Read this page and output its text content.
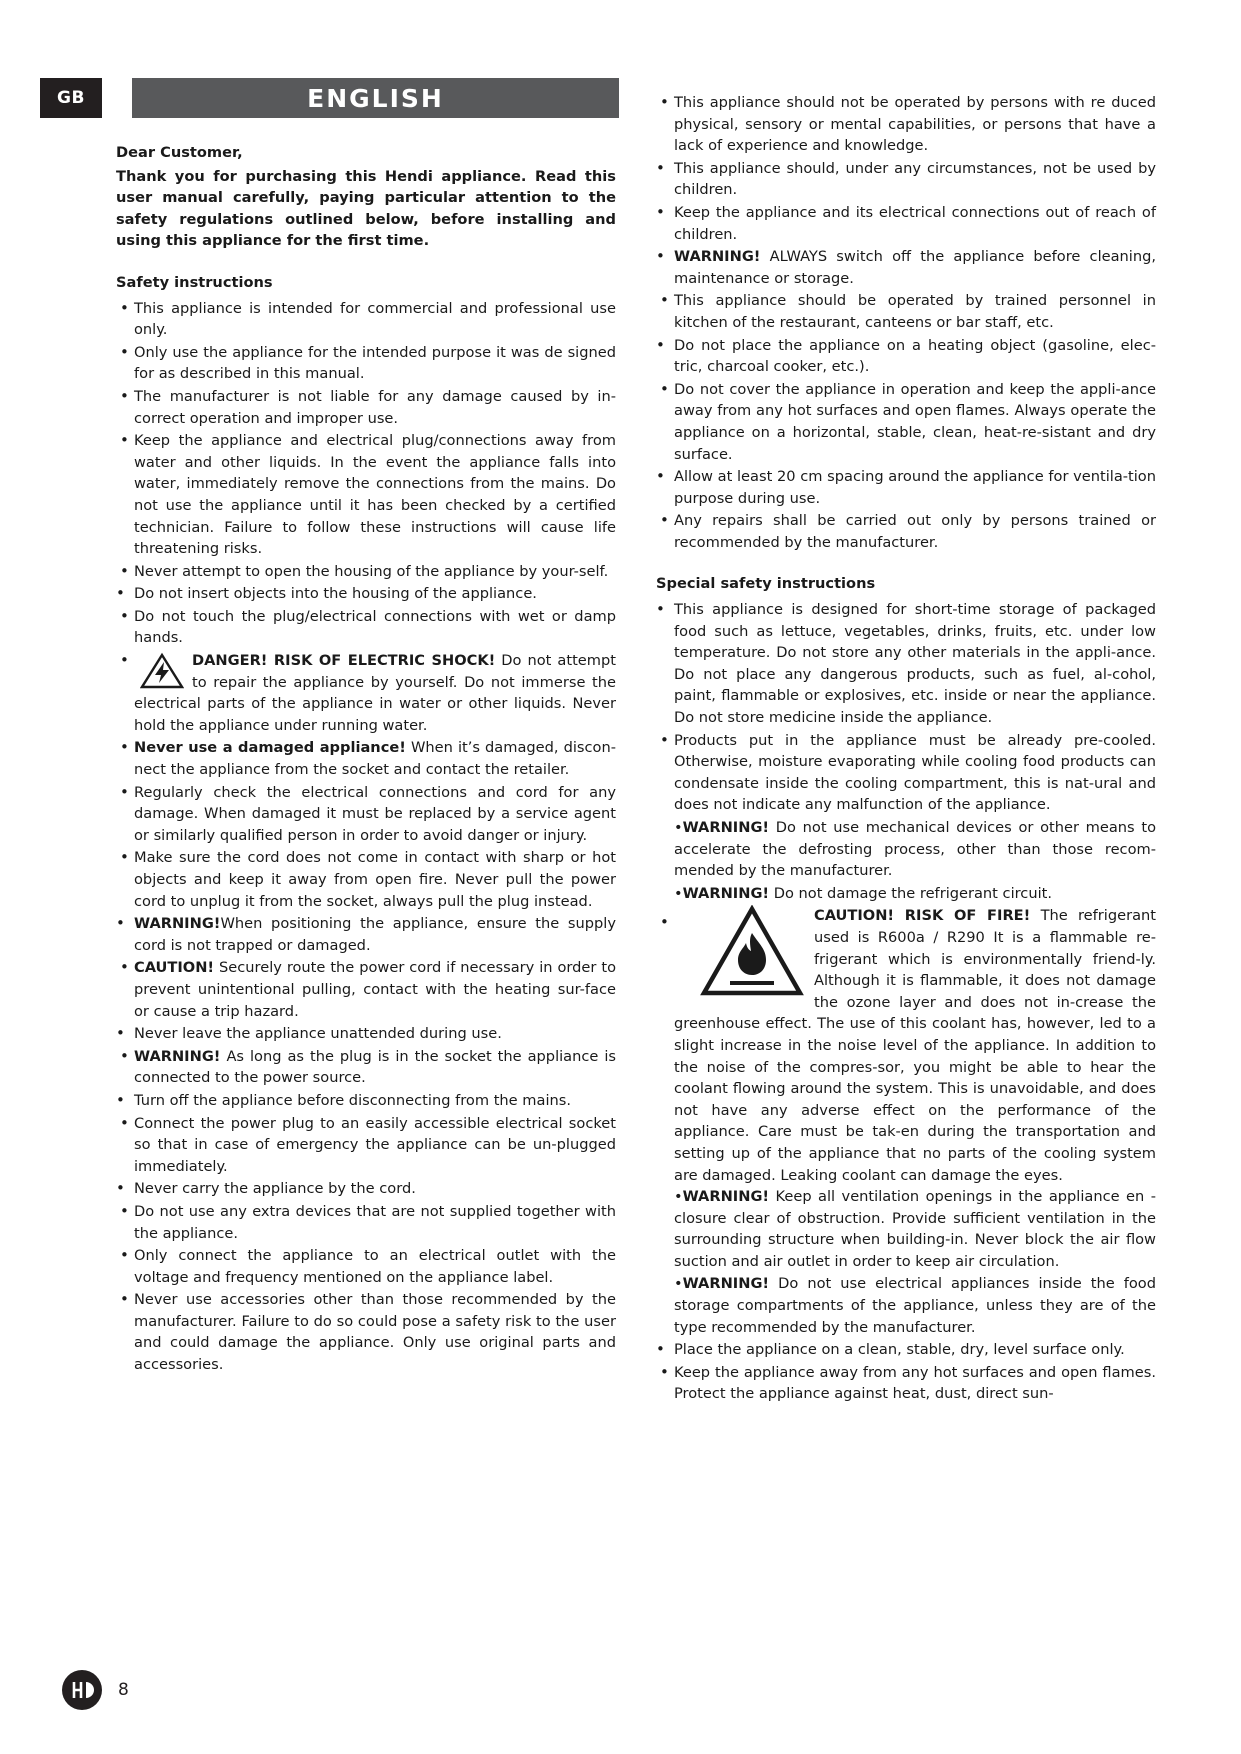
GB	ENGLISH

Dear Customer,

Thank you for purchasing this Hendi appliance. Read this user manual carefully, paying particular attention to the safety regulations outlined below, before installing and using this appliance for the first time.

Safety instructions

• This appliance is intended for commercial and professional use only.
• Only use the appliance for the intended purpose it was de signed for as described in this manual.
• The manufacturer is not liable for any damage caused by in-correct operation and improper use.
• Keep the appliance and electrical plug/connections away from water and other liquids. In the event the appliance falls into water, immediately remove the connections from the mains. Do not use the appliance until it has been checked by a certified technician. Failure to follow these instructions will cause life threatening risks.
• Never attempt to open the housing of the appliance by your-self.
• Do not insert objects into the housing of the appliance.
• Do not touch the plug/electrical connections with wet or damp hands.
• DANGER! RISK OF ELECTRIC SHOCK! Do not attempt to repair the appliance by yourself. Do not immerse the electrical parts of the appliance in water or other liquids. Never hold the appliance under running water.
• Never use a damaged appliance! When it’s damaged, discon-nect the appliance from the socket and contact the retailer.
• Regularly check the electrical connections and cord for any damage. When damaged it must be replaced by a service agent or similarly qualified person in order to avoid danger or injury.
• Make sure the cord does not come in contact with sharp or hot objects and keep it away from open fire. Never pull the power cord to unplug it from the socket, always pull the plug instead.
• WARNING!When positioning the appliance, ensure the supply cord is not trapped or damaged.
• CAUTION! Securely route the power cord if necessary in order to prevent unintentional pulling, contact with the heating sur-face or cause a trip hazard.
• Never leave the appliance unattended during use.
• WARNING! As long as the plug is in the socket the appliance is connected to the power source.
• Turn off the appliance before disconnecting from the mains.
• Connect the power plug to an easily accessible electrical socket so that in case of emergency the appliance can be un-plugged immediately.
• Never carry the appliance by the cord.
• Do not use any extra devices that are not supplied together with the appliance.
• Only connect the appliance to an electrical outlet with the voltage and frequency mentioned on the appliance label.
• Never use accessories other than those recommended by the manufacturer. Failure to do so could pose a safety risk to the user and could damage the appliance. Only use original parts and accessories.
• This appliance should not be operated by persons with re duced physical, sensory or mental capabilities, or persons that have a lack of experience and knowledge.
• This appliance should, under any circumstances, not be used by children.
• Keep the appliance and its electrical connections out of reach of children.
• WARNING! ALWAYS switch off the appliance before cleaning, maintenance or storage.
• This appliance should be operated by trained personnel in kitchen of the restaurant, canteens or bar staff, etc.
• Do not place the appliance on a heating object (gasoline, elec-tric, charcoal cooker, etc.).
• Do not cover the appliance in operation and keep the appli-ance away from any hot surfaces and open flames. Always operate the appliance on a horizontal, stable, clean, heat-re-sistant and dry surface.
• Allow at least 20 cm spacing around the appliance for ventila-tion purpose during use.
• Any repairs shall be carried out only by persons trained or recommended by the manufacturer.

Special safety instructions

• This appliance is designed for short-time storage of packaged food such as lettuce, vegetables, drinks, fruits, etc. under low temperature. Do not store any other materials in the appli-ance. Do not place any dangerous products, such as fuel, al-cohol, paint, flammable or explosives, etc. inside or near the appliance. Do not store medicine inside the appliance.
• Products put in the appliance must be already pre-cooled. Otherwise, moisture evaporating while cooling food products can condensate inside the cooling compartment, this is nat-ural and does not indicate any malfunction of the appliance.
•WARNING! Do not use mechanical devices or other means to accelerate the defrosting process, other than those recom-mended by the manufacturer.
•WARNING! Do not damage the refrigerant circuit.
• CAUTION! RISK OF FIRE! The refrigerant used is R600a / R290 It is a flammable re-frigerant which is environmentally friend-ly. Although it is flammable, it does not damage the ozone layer and does not in-crease the greenhouse effect. The use of this coolant has, however, led to a slight increase in the noise level of the appliance. In addition to the noise of the compres-sor, you might be able to hear the coolant flowing around the system. This is unavoidable, and does not have any adverse effect on the performance of the appliance. Care must be tak-en during the transportation and setting up of the appliance that no parts of the cooling system are damaged. Leaking coolant can damage the eyes.
•WARNING! Keep all ventilation openings in the appliance en - closure clear of obstruction. Provide sufficient ventilation in the surrounding structure when building-in. Never block the air flow suction and air outlet in order to keep air circulation.
•WARNING! Do not use electrical appliances inside the food storage compartments of the appliance, unless they are of the type recommended by the manufacturer.
• Place the appliance on a clean, stable, dry, level surface only.
• Keep the appliance away from any hot surfaces and open flames. Protect the appliance against heat, dust, direct sun-
8
